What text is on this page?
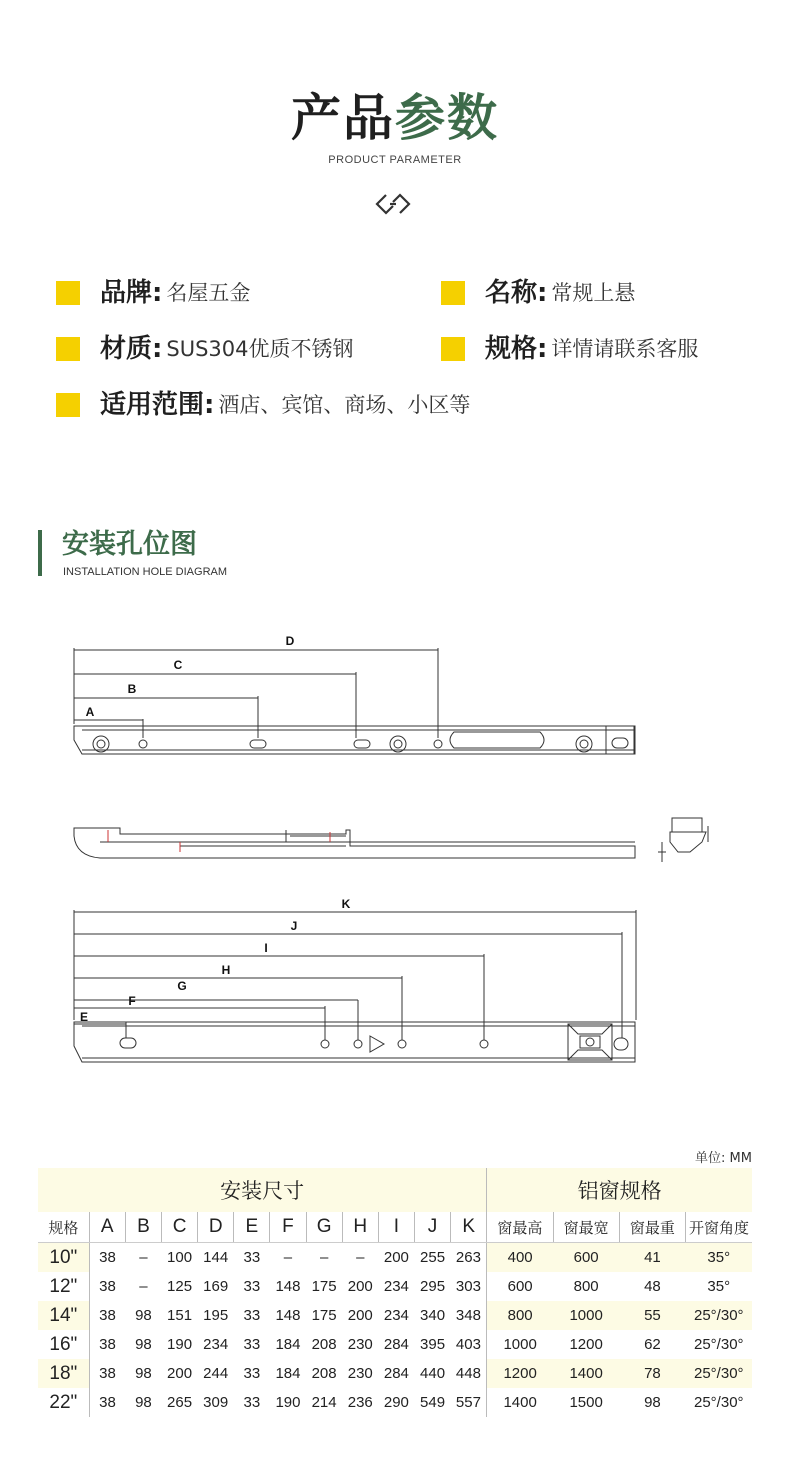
产品参数
PRODUCT PARAMETER
品牌: 名屋五金	名称: 常规上悬
材质: SUS304优质不锈钢	规格: 详情请联系客服
适用范围: 酒店、宾馆、商场、小区等
安装孔位图
INSTALLATION HOLE DIAGRAM
D
C
B
A
K
J
I
H
G
F
E
单位: MM
安装尺寸												铝窗规格			
规格	A	B	C	D	E	F	G	H	I	J	K	窗最高	窗最宽	窗最重	开窗角度
10"	38	–	100	144	33	–	–	–	200	255	263	400	600	41	35°
12"	38	–	125	169	33	148	175	200	234	295	303	600	800	48	35°
14"	38	98	151	195	33	148	175	200	234	340	348	800	1000	55	25°/30°
16"	38	98	190	234	33	184	208	230	284	395	403	1000	1200	62	25°/30°
18"	38	98	200	244	33	184	208	230	284	440	448	1200	1400	78	25°/30°
22"	38	98	265	309	33	190	214	236	290	549	557	1400	1500	98	25°/30°
